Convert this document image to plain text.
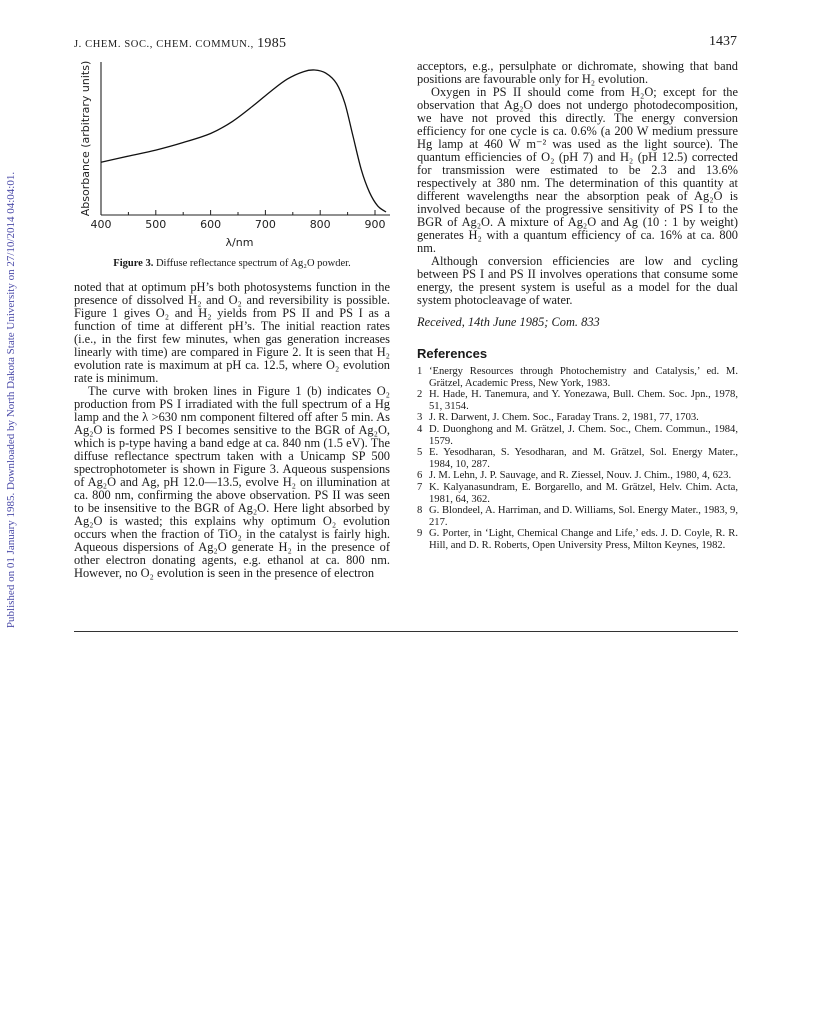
Published on 01 January 1985. Downloaded by North Dakota State University on 27/10/2014 04:04:01.
J. CHEM. SOC., CHEM. COMMUN., 1985	1437
400	500	600	700	800	900
λ/nm
Absorbance (arbitrary units)
Figure 3. Diffuse reflectance spectrum of Ag₂O powder.

noted that at optimum pH’s both photosystems function in the presence of dissolved H₂ and O₂ and reversibility is possible. Figure 1 gives O₂ and H₂ yields from PS II and PS I as a function of time at different pH’s. The initial reaction rates (i.e., in the first few minutes, when gas generation increases linearly with time) are compared in Figure 2. It is seen that H₂ evolution rate is maximum at pH ca. 12.5, where O₂ evolution rate is minimum.

The curve with broken lines in Figure 1 (b) indicates O₂ production from PS I irradiated with the full spectrum of a Hg lamp and the λ >630 nm component filtered off after 5 min. As Ag₂O is formed PS I becomes sensitive to the BGR of Ag₂O, which is p-type having a band edge at ca. 840 nm (1.5 eV). The diffuse reflectance spectrum taken with a Unicamp SP 500 spectrophotometer is shown in Figure 3. Aqueous suspensions of Ag₂O and Ag, pH 12.0—13.5, evolve H₂ on illumination at ca. 800 nm, confirming the above observation. PS II was seen to be insensitive to the BGR of Ag₂O. Here light absorbed by Ag₂O is wasted; this explains why optimum O₂ evolution occurs when the fraction of TiO₂ in the catalyst is fairly high. Aqueous dispersions of Ag₂O generate H₂ in the presence of other electron donating agents, e.g. ethanol at ca. 800 nm. However, no O₂ evolution is seen in the presence of electron

acceptors, e.g., persulphate or dichromate, showing that band positions are favourable only for H₂ evolution.

Oxygen in PS II should come from H₂O; except for the observation that Ag₂O does not undergo photodecomposition, we have not proved this directly. The energy conversion efficiency for one cycle is ca. 0.6% (a 200 W medium pressure Hg lamp at 460 W m⁻² was used as the light source). The quantum efficiencies of O₂ (pH 7) and H₂ (pH 12.5) corrected for transmission were estimated to be 2.3 and 13.6% respectively at 380 nm. The determination of this quantity at different wavelengths near the absorption peak of Ag₂O is involved because of the progressive sensitivity of PS I to the BGR of Ag₂O. A mixture of Ag₂O and Ag (10 : 1 by weight) generates H₂ with a quantum efficiency of ca. 16% at ca. 800 nm.

Although conversion efficiencies are low and cycling between PS I and PS II involves operations that consume some energy, the present system is useful as a model for the dual system photocleavage of water.

Received, 14th June 1985; Com. 833

References

1 ‘Energy Resources through Photochemistry and Catalysis,’ ed. M. Grätzel, Academic Press, New York, 1983.
2 H. Hade, H. Tanemura, and Y. Yonezawa, Bull. Chem. Soc. Jpn., 1978, 51, 3154.
3 J. R. Darwent, J. Chem. Soc., Faraday Trans. 2, 1981, 77, 1703.
4 D. Duonghong and M. Grätzel, J. Chem. Soc., Chem. Commun., 1984, 1579.
5 E. Yesodharan, S. Yesodharan, and M. Grätzel, Sol. Energy Mater., 1984, 10, 287.
6 J. M. Lehn, J. P. Sauvage, and R. Ziessel, Nouv. J. Chim., 1980, 4, 623.
7 K. Kalyanasundram, E. Borgarello, and M. Grätzel, Helv. Chim. Acta, 1981, 64, 362.
8 G. Blondeel, A. Harriman, and D. Williams, Sol. Energy Mater., 1983, 9, 217.
9 G. Porter, in ‘Light, Chemical Change and Life,’ eds. J. D. Coyle, R. R. Hill, and D. R. Roberts, Open University Press, Milton Keynes, 1982.
